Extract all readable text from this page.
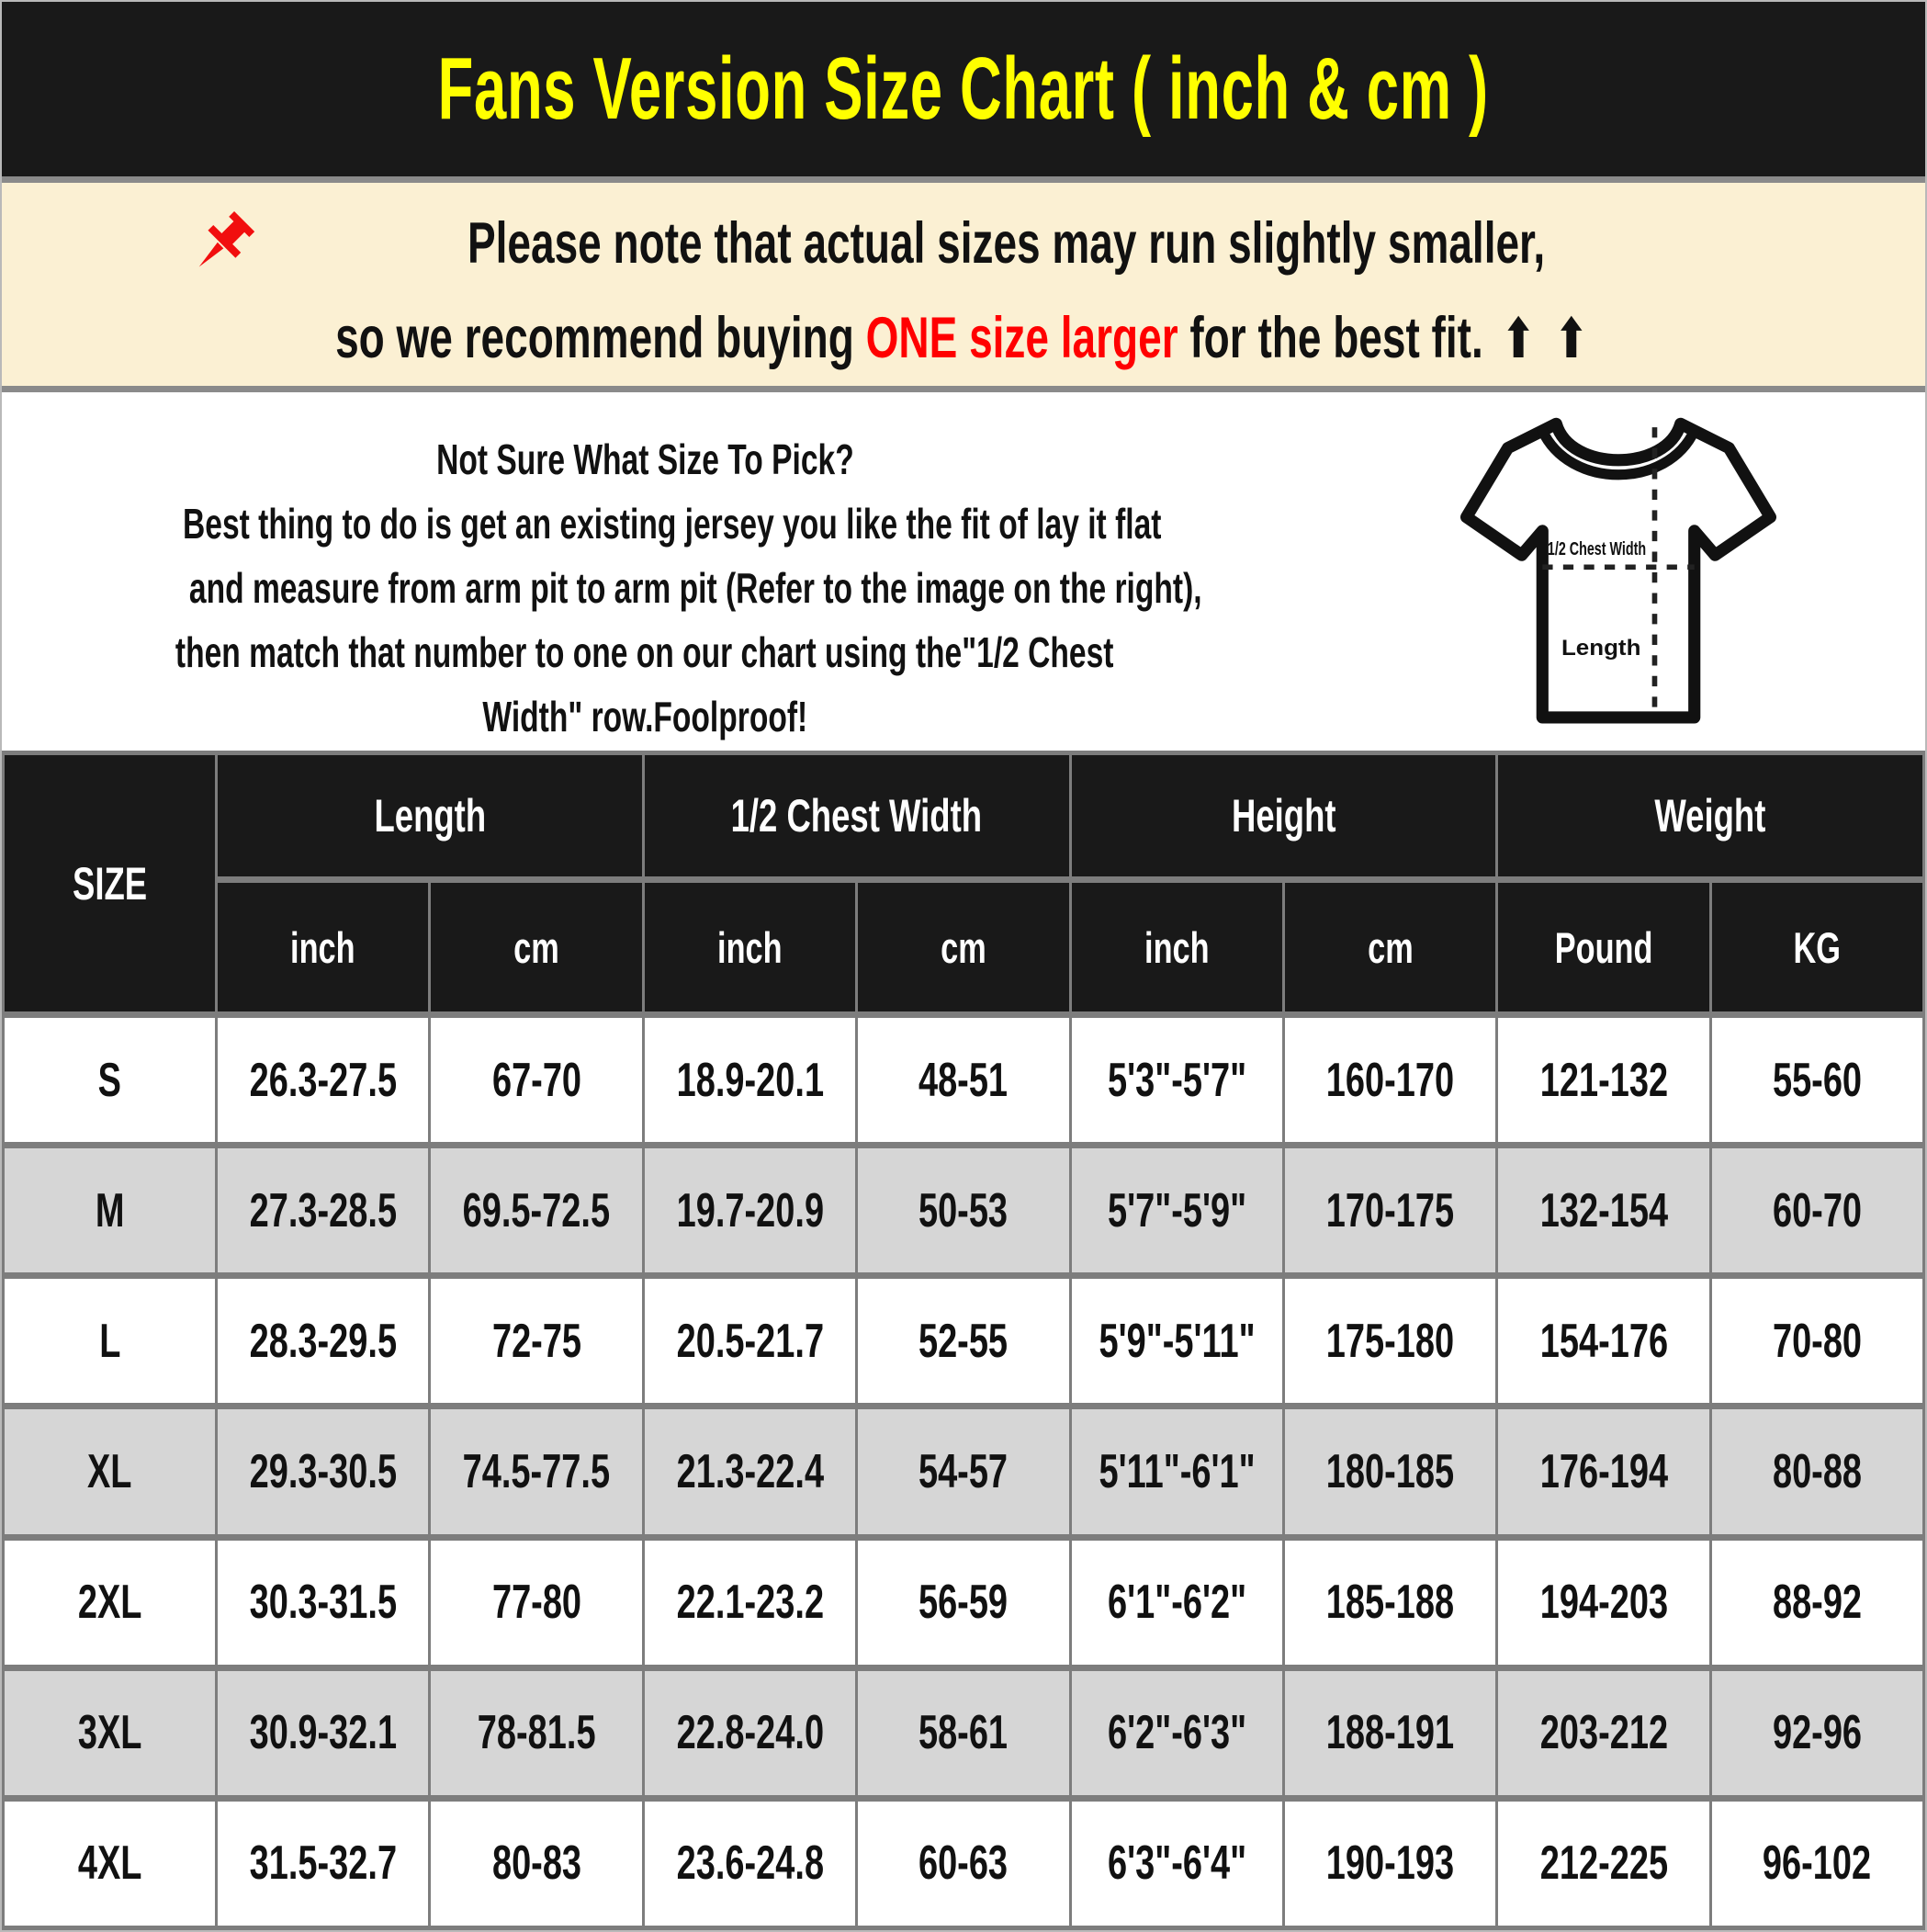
Fans Version Size Chart ( inch & cm )
Please note that actual sizes may run slightly smaller,
so we recommend buying ONE size larger for the best fit. ⬆ ⬆
Not Sure What Size To Pick?
Best thing to do is get an existing jersey you like the fit of lay it flat
and measure from arm pit to arm pit (Refer to the image on the right),
then match that number to one on our chart using the"1/2 Chest
Width" row.Foolproof!
1/2 Chest Width
Length
SIZE
Length	1/2 Chest Width	Height	Weight
inch	cm	inch	cm	inch	cm	Pound	KG
S	26.3-27.5 67-70 18.9-20.1 48-51 5'3"-5'7" 160-170 121-132 55-60
M	27.3-28.5 69.5-72.5 19.7-20.9 50-53 5'7"-5'9" 170-175 132-154 60-70
L	28.3-29.5 72-75 20.5-21.7 52-55 5'9"-5'11" 175-180 154-176 70-80
XL 29.3-30.5 74.5-77.5 21.3-22.4 54-57 5'11"-6'1" 180-185 176-194 80-88
2XL 30.3-31.5 77-80 22.1-23.2 56-59 6'1"-6'2" 185-188 194-203 88-92
3XL 30.9-32.1 78-81.5 22.8-24.0 58-61 6'2"-6'3" 188-191 203-212 92-96
4XL 31.5-32.7 80-83 23.6-24.8 60-63 6'3"-6'4" 190-193 212-225 96-102
